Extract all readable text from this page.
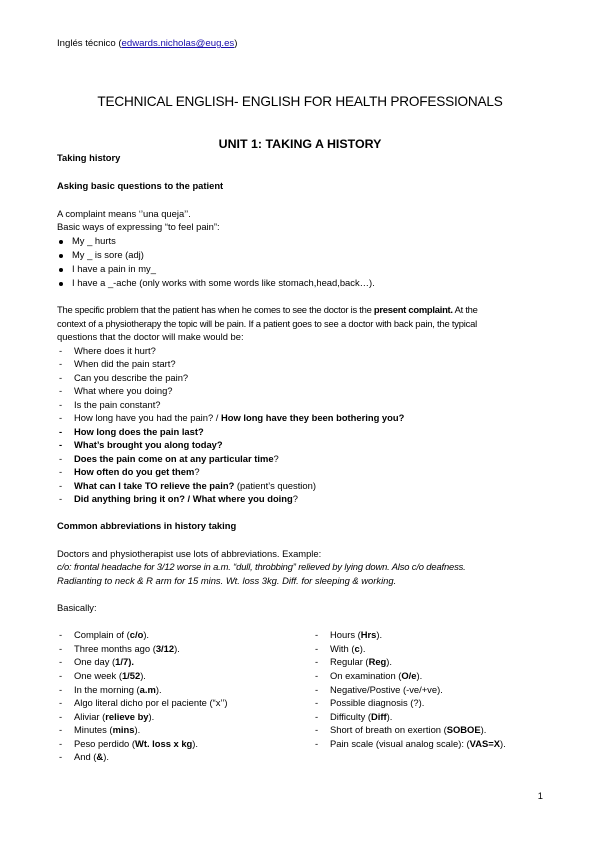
Inglés técnico (edwards.nicholas@eug.es)
TECHNICAL ENGLISH- ENGLISH FOR HEALTH PROFESSIONALS
UNIT 1: TAKING A HISTORY
Taking history
Asking basic questions to the patient
A complaint means ‘’una queja’’.
Basic ways of expressing “to feel pain”:
My _ hurts
My _ is sore (adj)
I have a pain in my_
I have a _-ache (only works with some words like stomach,head,back…).
The specific problem that the patient has when he comes to see the doctor is the present complaint. At the
context of a physiotherapy the topic will be pain. If a patient goes to see a doctor with back pain, the typical
questions that the doctor will make would be:
- Where does it hurt?
- When did the pain start?
- Can you describe the pain?
- What where you doing?
- Is the pain constant?
- How long have you had the pain? / How long have they been bothering you?
- How long does the pain last?
- What’s brought you along today?
- Does the pain come on at any particular time?
- How often do you get them?
- What can I take TO relieve the pain? (patient’s question)
- Did anything bring it on? / What where you doing?
Common abbreviations in history taking
Doctors and physiotherapist use lots of abbreviations. Example:
c/o: frontal headache for 3/12 worse in a.m. “dull, throbbing” relieved by lying down. Also c/o deafness.
Radianting to neck & R arm for 15 mins. Wt. loss 3kg. Diff. for sleeping & working.
Basically:
- Complain of (c/o).
- Three months ago (3/12).
- One day (1/7).
- One week (1/52).
- In the morning (a.m).
- Algo literal dicho por el paciente (“x’’)
- Aliviar (relieve by).
- Minutes (mins).
- Peso perdido (Wt. loss x kg).
- And (&).
- Hours (Hrs).
- With (c).
- Regular (Reg).
- On examination (O/e).
- Negative/Postive (-ve/+ve).
- Possible diagnosis (?).
- Difficulty (Diff).
- Short of breath on exertion (SOBOE).
- Pain scale (visual analog scale): (VAS=X).
1
